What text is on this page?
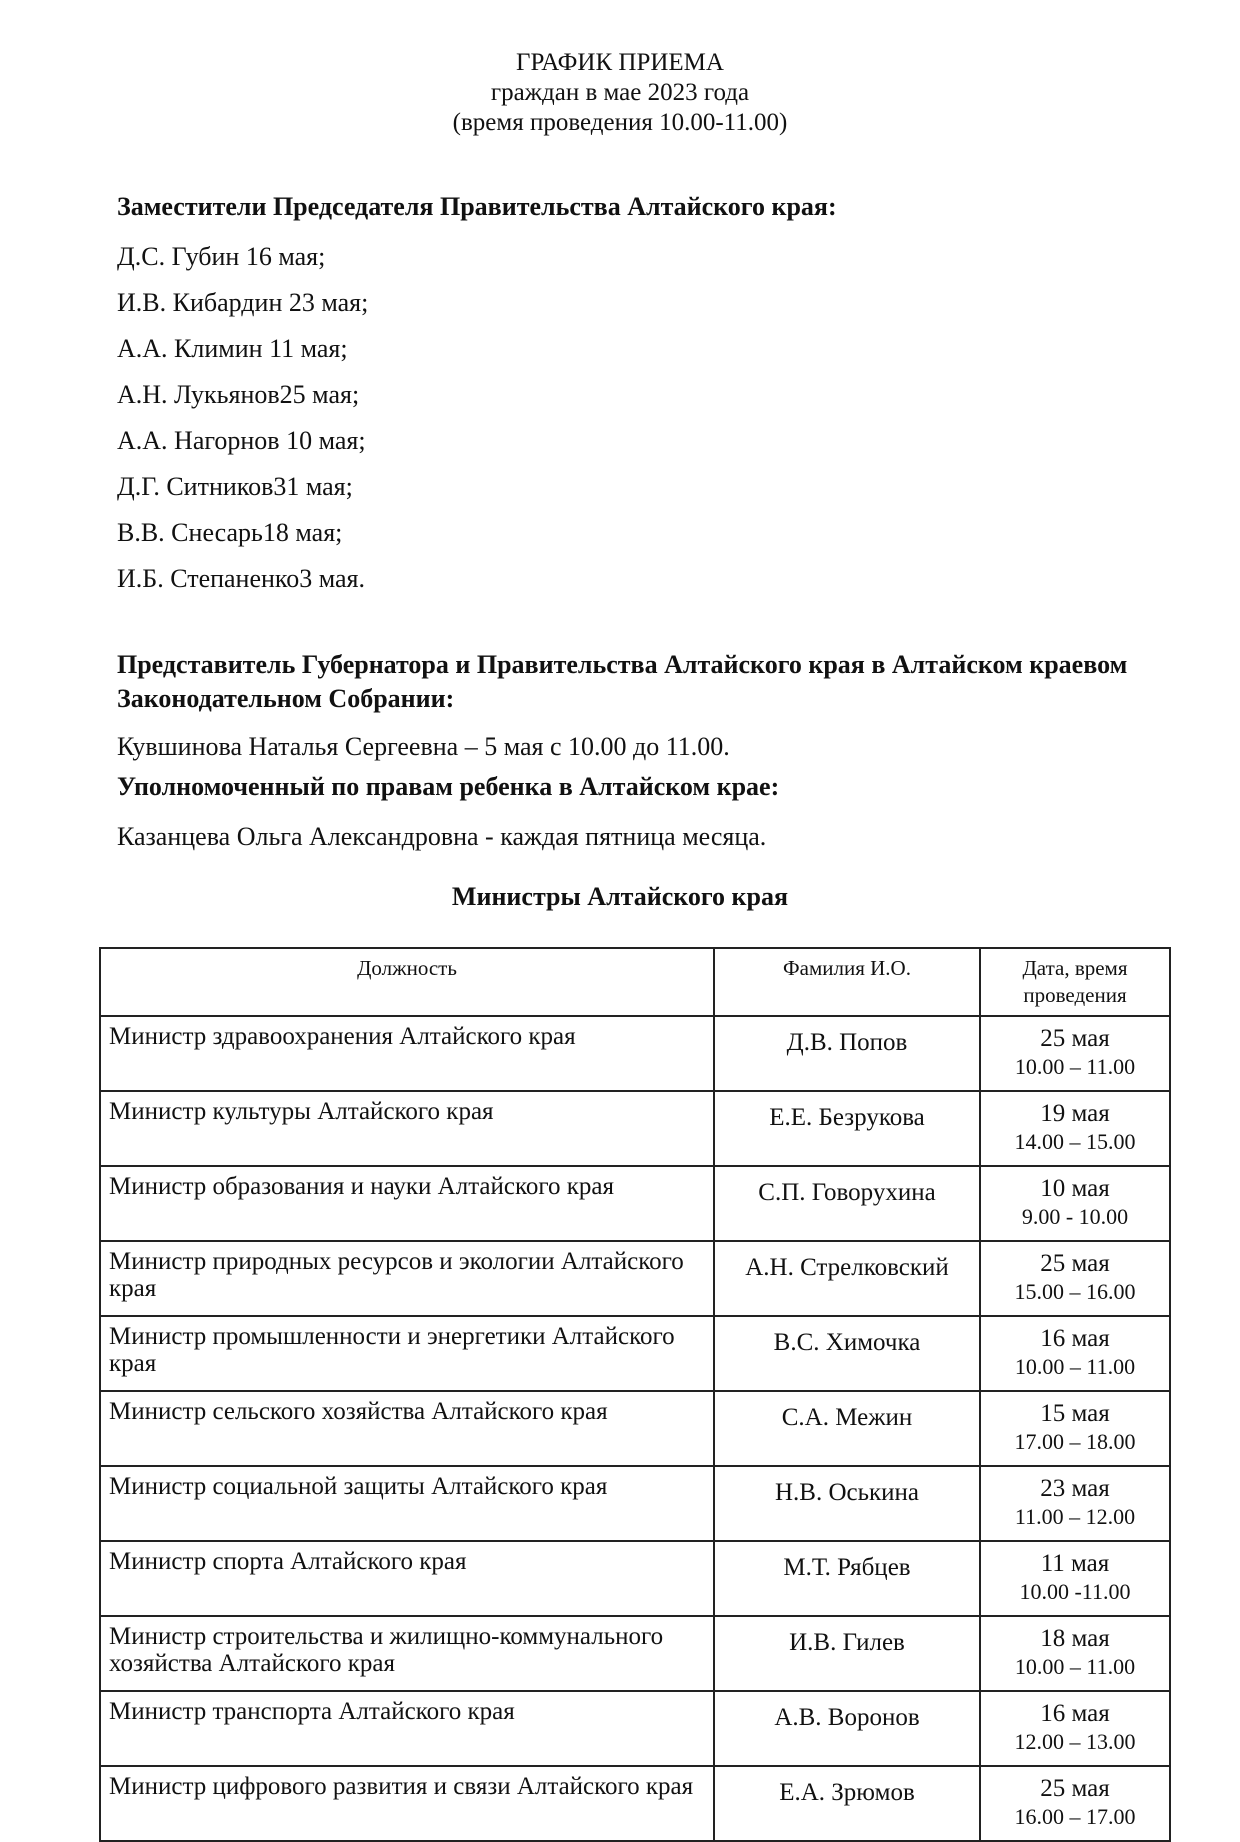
ГРАФИК ПРИЕМА
граждан в мае 2023 года
(время проведения 10.00-11.00)
Заместители Председателя Правительства Алтайского края:
Д.С. Губин 16 мая;
И.В. Кибардин 23 мая;
А.А. Климин 11 мая;
А.Н. Лукьянов25 мая;
А.А. Нагорнов 10 мая;
Д.Г. Ситников31 мая;
В.В. Снесарь18 мая;
И.Б. Степаненко3 мая.
Представитель Губернатора и Правительства Алтайского края в Алтайском краевом Законодательном Собрании:
Кувшинова Наталья Сергеевна – 5 мая с 10.00 до 11.00.
Уполномоченный по правам ребенка в Алтайском крае:
Казанцева Ольга Александровна - каждая пятница месяца.
Министры Алтайского края
Должность	Фамилия И.О.	Дата, время проведения
Министр здравоохранения Алтайского края	Д.В. Попов	25 мая
10.00 – 11.00

Министр культуры Алтайского края	Е.Е. Безрукова	19 мая
14.00 – 15.00

Министр образования и науки Алтайского края	С.П. Говорухина	10 мая
9.00 - 10.00

Министр природных ресурсов и экологии Алтайского края	А.Н. Стрелковский	25 мая
15.00 – 16.00

Министр промышленности и энергетики Алтайского края	В.С. Химочка	16 мая
10.00 – 11.00

Министр сельского хозяйства Алтайского края	С.А. Межин	15 мая
17.00 – 18.00

Министр социальной защиты Алтайского края	Н.В. Оськина	23 мая
11.00 – 12.00

Министр спорта Алтайского края	М.Т. Рябцев	11 мая
10.00 -11.00

Министр строительства и жилищно-коммунального хозяйства Алтайского края	И.В. Гилев	18 мая
10.00 – 11.00

Министр транспорта Алтайского края	А.В. Воронов	16 мая
12.00 – 13.00

Министр цифрового развития и связи Алтайского края	Е.А. Зрюмов	25 мая
16.00 – 17.00
